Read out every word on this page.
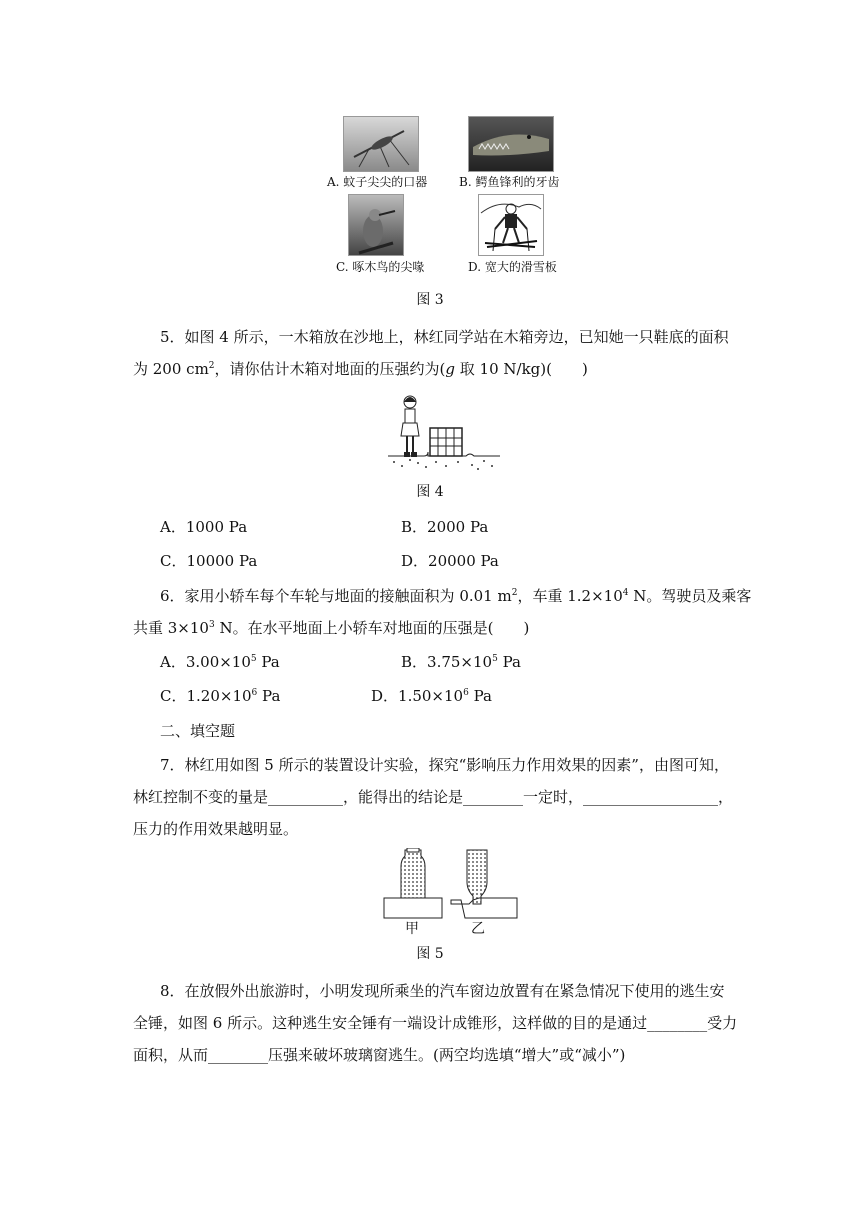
A. 蚊子尖尖的口器	B. 鳄鱼锋利的牙齿
C. 啄木鸟的尖喙	D. 宽大的滑雪板
图 3
5．如图 4 所示，一木箱放在沙地上，林红同学站在木箱旁边，已知她一只鞋底的面积
为 200 $cm^2$，请你估计木箱对地面的压强约为(g 取 10 N/kg)(　　)
图 4
A．1000 Pa	B．2000 Pa
C．10000 Pa	D．20000 Pa
6．家用小轿车每个车轮与地面的接触面积为 0.01 $m^2$，车重 $1.2\times 10^4$ N。驾驶员及乘客
共重 $3\times 10^3$ N。在水平地面上小轿车对地面的压强是(　　)
A．$3.00\times 10^5$ Pa	B．$3.75\times 10^5$ Pa
C．$1.20\times 10^6$ Pa	D．$1.50\times 10^6$ Pa
二、填空题
7．林红用如图 5 所示的装置设计实验，探究“影响压力作用效果的因素”，由图可知，
林红控制不变的量是__________，能得出的结论是________一定时，__________________，
压力的作用效果越明显。
甲	乙
图 5
8．在放假外出旅游时，小明发现所乘坐的汽车窗边放置有在紧急情况下使用的逃生安
全锤，如图 6 所示。这种逃生安全锤有一端设计成锥形，这样做的目的是通过________受力
面积，从而________压强来破坏玻璃窗逃生。(两空均选填“增大”或“减小”)
